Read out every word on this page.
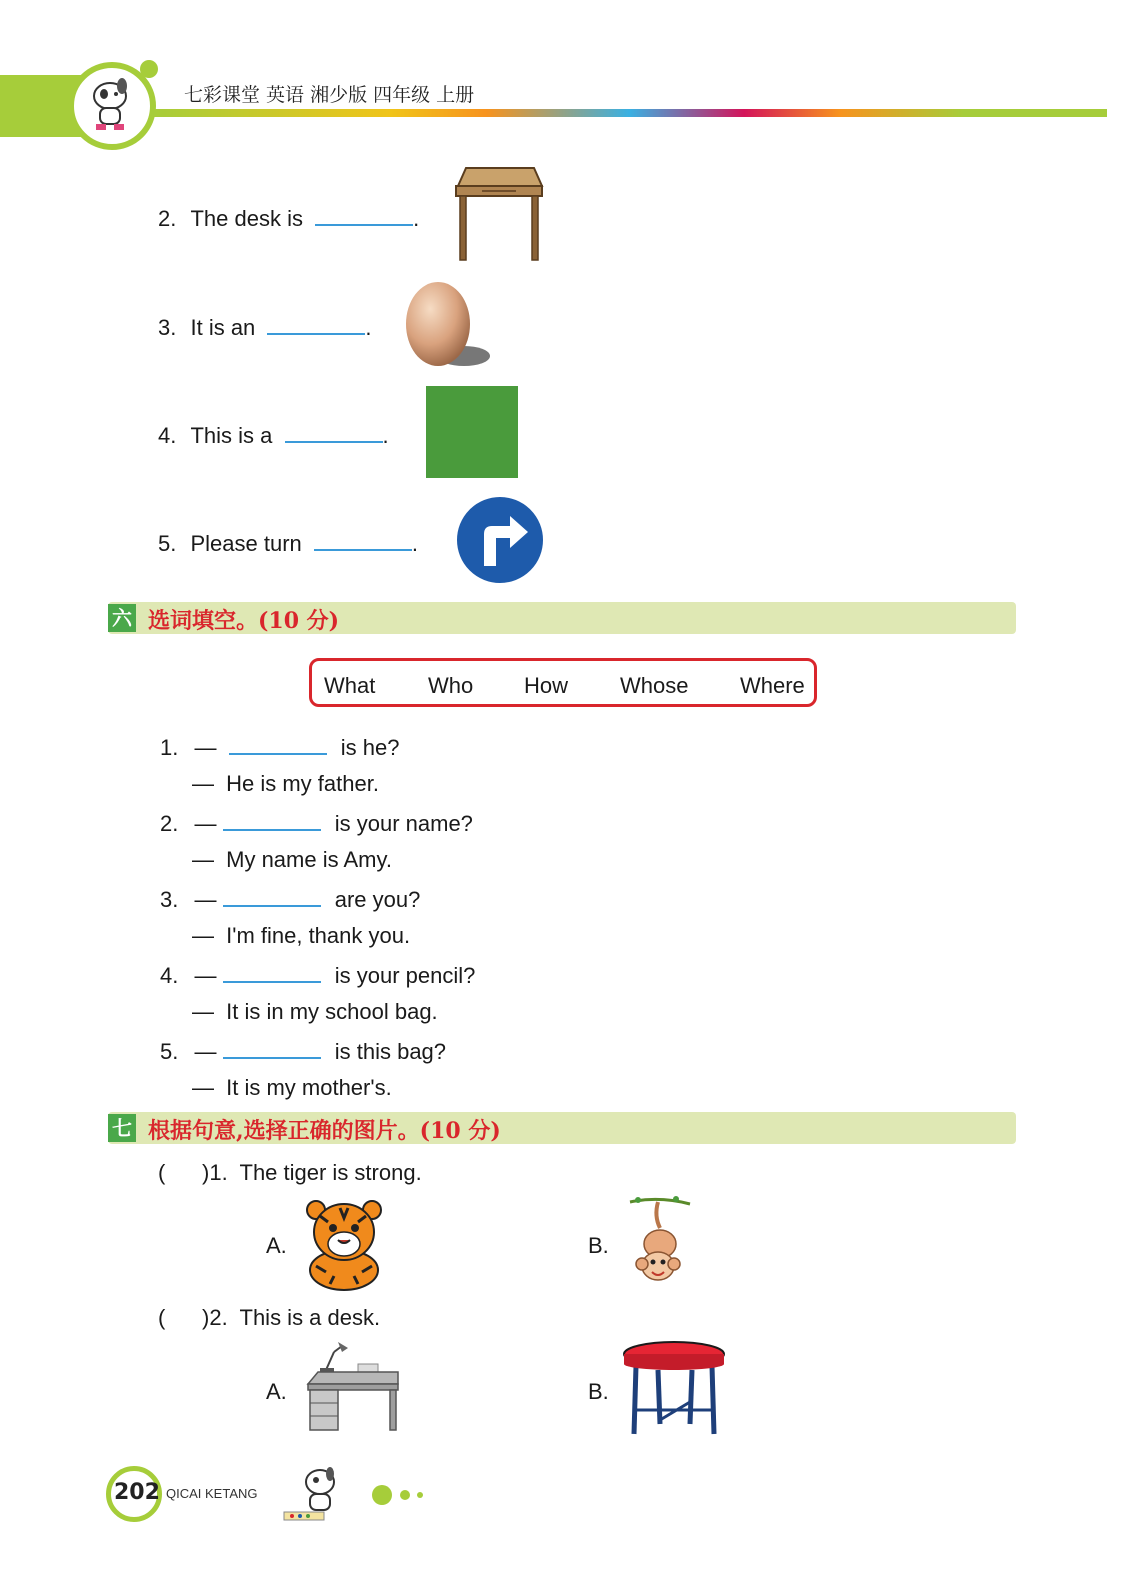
七彩课堂 英语 湘少版 四年级 上册
2. The desk is	.
3. It is an	.
4. This is a	.
5. Please turn	.
六 选词填空。(10 分)
What Who How Whose Where
1. —	is he?
— He is my father.
2. —	is your name?
— My name is Amy.
3. —	are you?
— I'm fine, thank you.
4. —	is your pencil?
— It is in my school bag.
5. —	is this bag?
— It is my mother's.
七 根据句意,选择正确的图片。(10 分)
(      )1.  The tiger is strong.
A.	B.
(      )2.  This is a desk.
A.	B.
202 QICAI KETANG
